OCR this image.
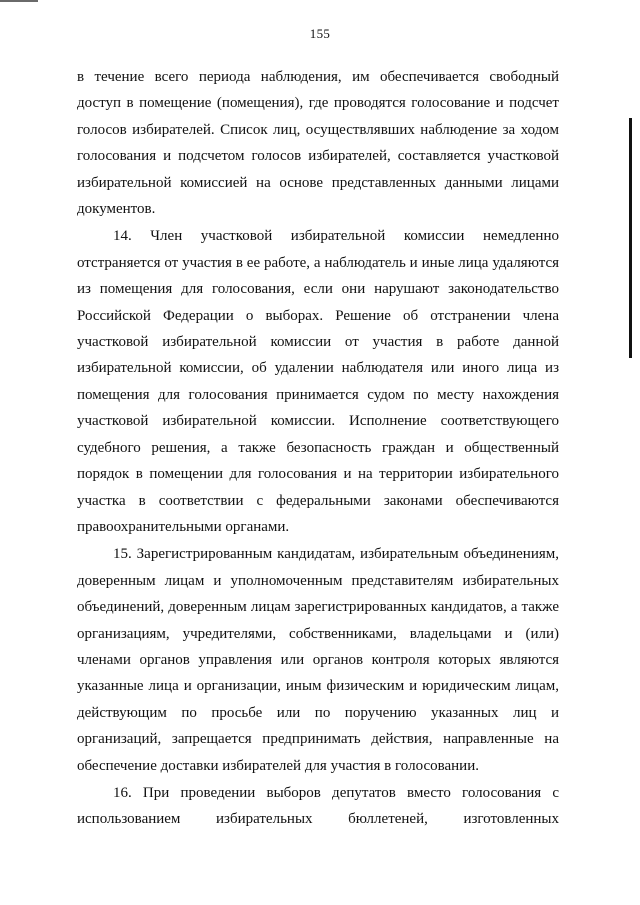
155

в течение всего периода наблюдения, им обеспечивается свободный доступ в помещение (помещения), где проводятся голосование и подсчет голосов избирателей. Список лиц, осуществлявших наблюдение за ходом голосования и подсчетом голосов избирателей, составляется участковой избирательной комиссией на основе представленных данными лицами документов.

14. Член участковой избирательной комиссии немедленно отстраняется от участия в ее работе, а наблюдатель и иные лица удаляются из помещения для голосования, если они нарушают законодательство Российской Федерации о выборах. Решение об отстранении члена участковой избирательной комиссии от участия в работе данной избирательной комиссии, об удалении наблюдателя или иного лица из помещения для голосования принимается судом по месту нахождения участковой избирательной комиссии. Исполнение соответствующего судебного решения, а также безопасность граждан и общественный порядок в помещении для голосования и на территории избирательного участка в соответствии с федеральными законами обеспечиваются правоохранительными органами.

15. Зарегистрированным кандидатам, избирательным объединениям, доверенным лицам и уполномоченным представителям избирательных объединений, доверенным лицам зарегистрированных кандидатов, а также организациям, учредителями, собственниками, владельцами и (или) членами органов управления или органов контроля которых являются указанные лица и организации, иным физическим и юридическим лицам, действующим по просьбе или по поручению указанных лиц и организаций, запрещается предпринимать действия, направленные на обеспечение доставки избирателей для участия в голосовании.

16. При проведении выборов депутатов вместо голосования с использованием избирательных бюллетеней, изготовленных
